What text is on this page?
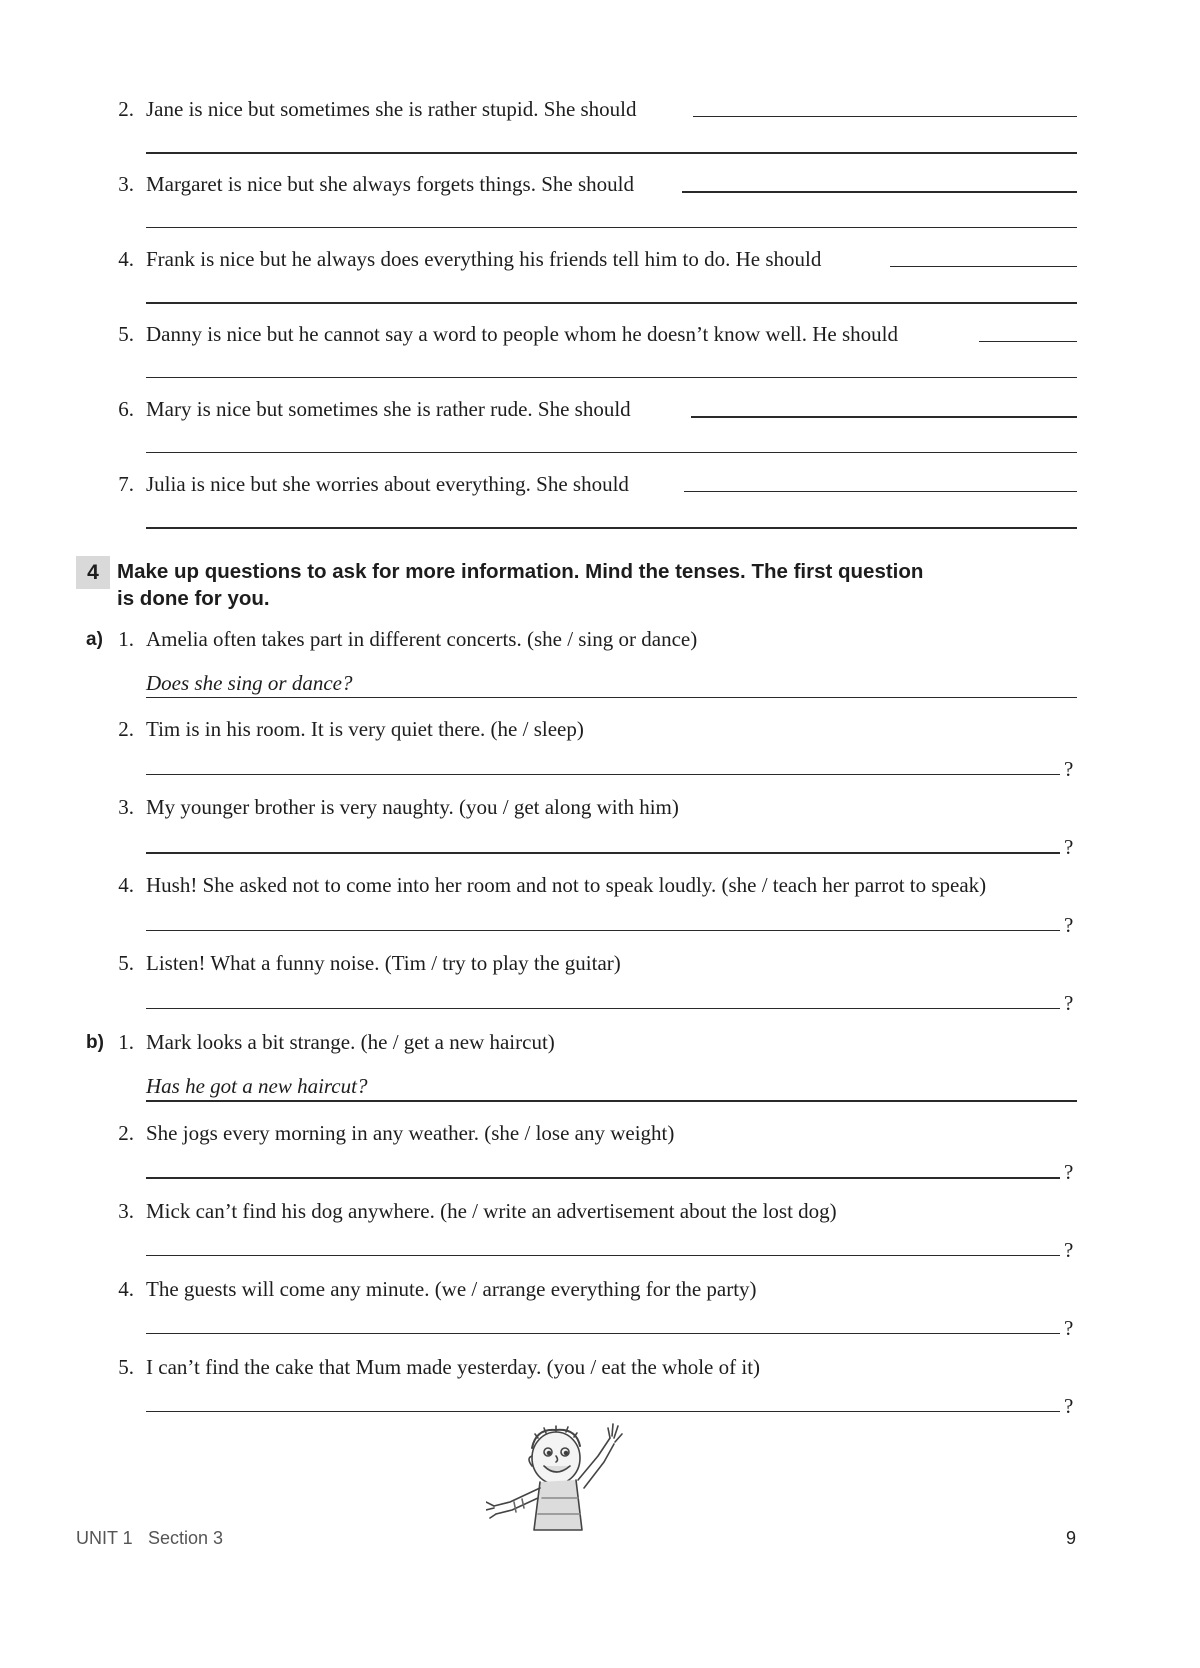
2. Jane is nice but sometimes she is rather stupid. She should
3. Margaret is nice but she always forgets things. She should
4. Frank is nice but he always does everything his friends tell him to do. He should
5. Danny is nice but he cannot say a word to people whom he doesn’t know well. He should
6. Mary is nice but sometimes she is rather rude. She should
7. Julia is nice but she worries about everything. She should
4 Make up questions to ask for more information. Mind the tenses. The first question is done for you.
a) 1. Amelia often takes part in different concerts. (she / sing or dance)
Does she sing or dance?
2. Tim is in his room. It is very quiet there. (he / sleep)
?
3. My younger brother is very naughty. (you / get along with him)
?
4. Hush! She asked not to come into her room and not to speak loudly. (she / teach her parrot to speak)
?
5. Listen! What a funny noise. (Tim / try to play the guitar)
?
b) 1. Mark looks a bit strange. (he / get a new haircut)
Has he got a new haircut?
2. She jogs every morning in any weather. (she / lose any weight)
?
3. Mick can’t find his dog anywhere. (he / write an advertisement about the lost dog)
?
4. The guests will come any minute. (we / arrange everything for the party)
?
5. I can’t find the cake that Mum made yesterday. (you / eat the whole of it)
?
UNIT 1 Section 3	9
